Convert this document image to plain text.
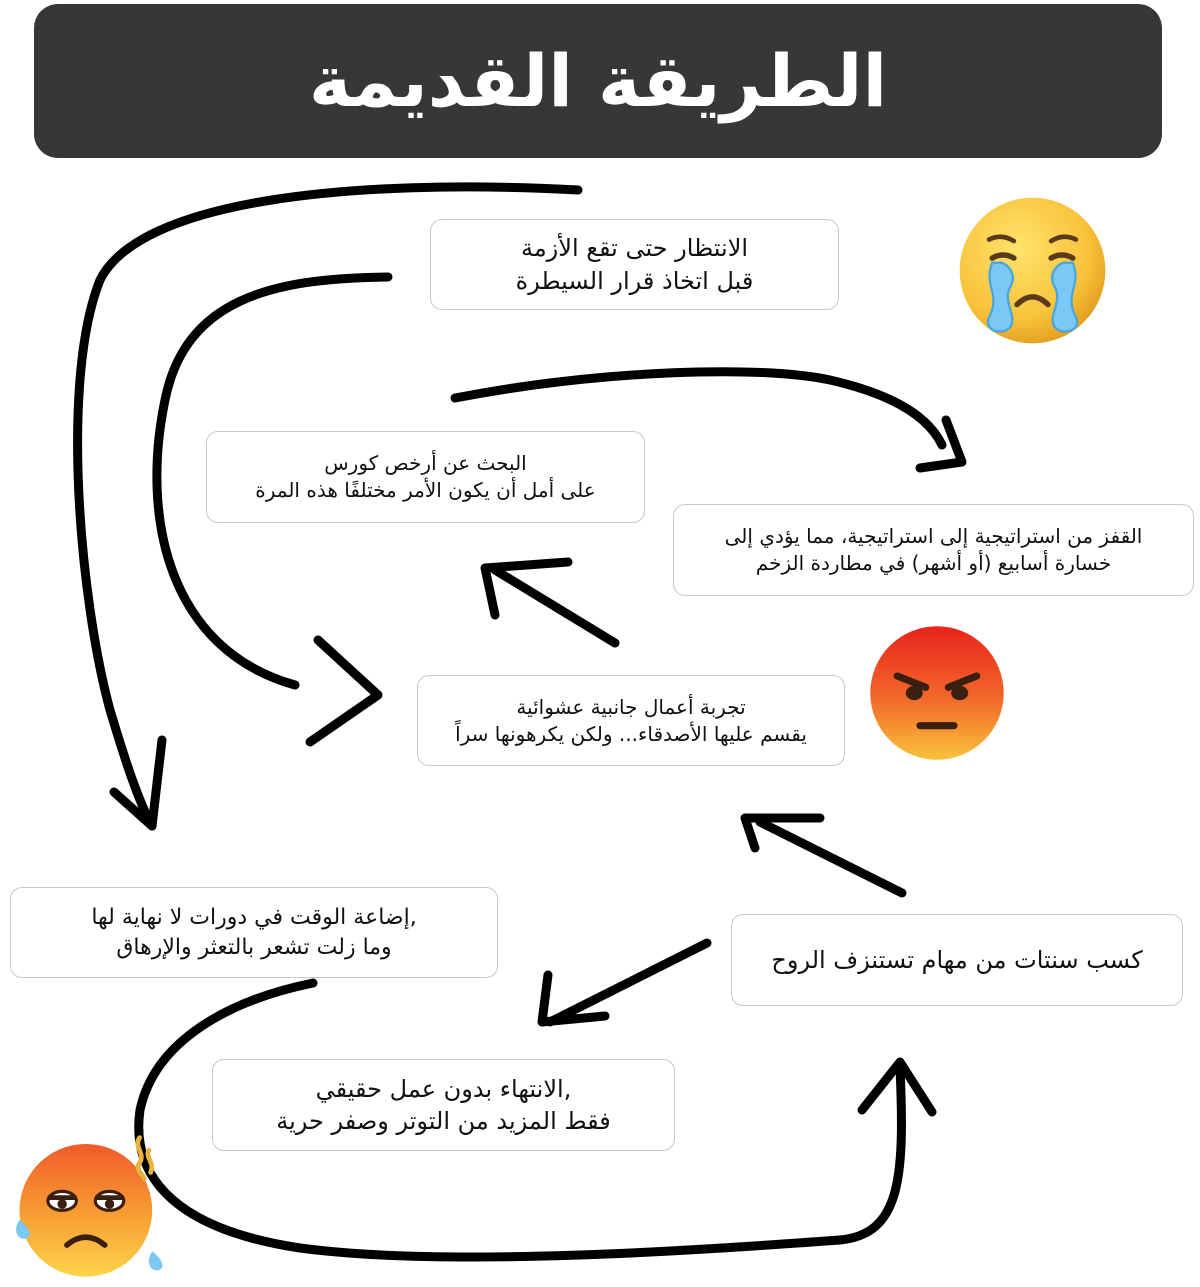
الطريقة القديمة
الانتظار حتى تقع الأزمة
قبل اتخاذ قرار السيطرة
البحث عن أرخص كورس
على أمل أن يكون الأمر مختلفًا هذه المرة
القفز من استراتيجية إلى استراتيجية، مما يؤدي إلى
خسارة أسابيع (أو أشهر) في مطاردة الزخم
تجربة أعمال جانبية عشوائية
يقسم عليها الأصدقاء... ولكن يكرهونها سراً
,إضاعة الوقت في دورات لا نهاية لها
وما زلت تشعر بالتعثر والإرهاق	كسب سنتات من مهام تستنزف الروح
,الانتهاء بدون عمل حقيقي
فقط المزيد من التوتر وصفر حرية
